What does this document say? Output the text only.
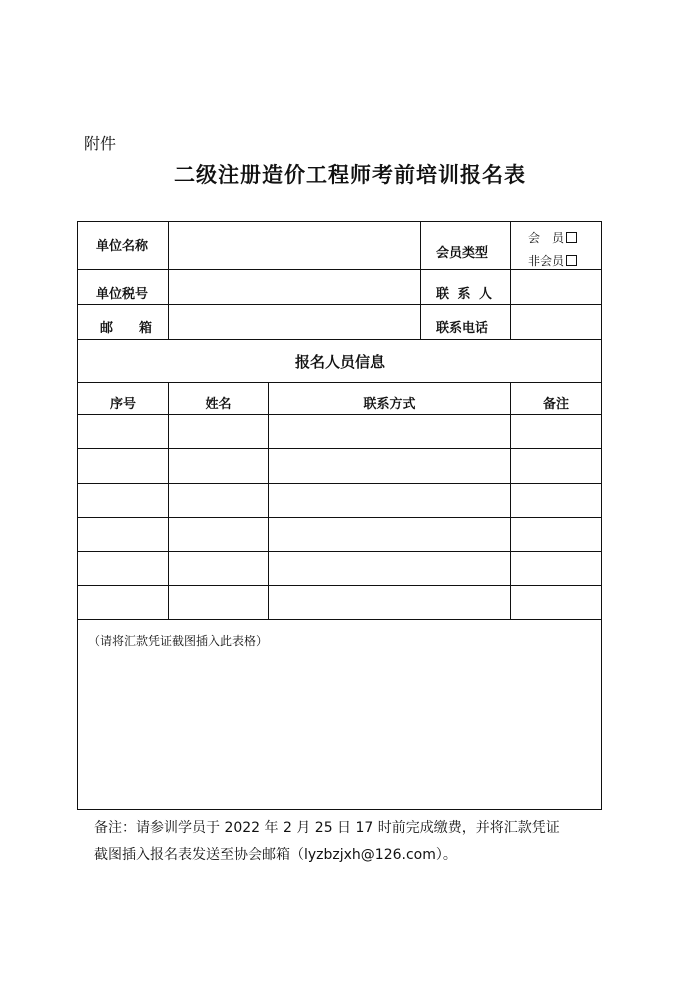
附件
二级注册造价工程师考前培训报名表
单位名称	会员类型
会　员
非会员
单位税号	联 系 人
邮　　箱	联系电话
报名人员信息
序号	姓名	联系方式	备注
（请将汇款凭证截图插入此表格）
备注：请参训学员于 2022 年 2 月 25 日 17 时前完成缴费，并将汇款凭证
截图插入报名表发送至协会邮箱（lyzbzjxh@126.com）。
